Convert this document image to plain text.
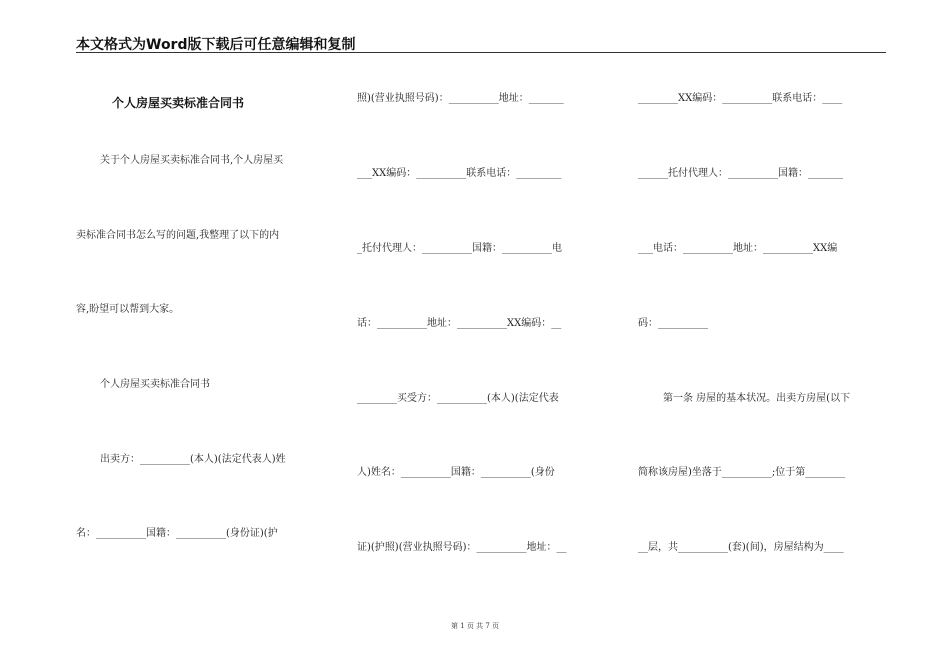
本文格式为Word版下载后可任意编辑和复制
个人房屋买卖标准合同书
关于个人房屋买卖标准合同书,个人房屋买
卖标准合同书怎么写的问题,我整理了以下的内
容,盼望可以帮到大家。
个人房屋买卖标准合同书
出卖方：__________(本人)(法定代表人)姓
名：__________国籍：__________(身份证)(护
照)(营业执照号码)：__________地址：_______
___XX编码：__________联系电话：_________
_托付代理人：__________国籍：__________电
话：__________地址：__________XX编码：__
________买受方：__________(本人)(法定代表
人)姓名：__________国籍：__________(身份
证)(护照)(营业执照号码)：__________地址：__
________XX编码：__________联系电话：____
______托付代理人：__________国籍：_______
___电话：__________地址：__________XX编
码：__________
第一条 房屋的基本状况。出卖方房屋(以下
简称该房屋)坐落于__________;位于第________
__层，共__________(套)(间)，房屋结构为____
第 1 页 共 7 页
